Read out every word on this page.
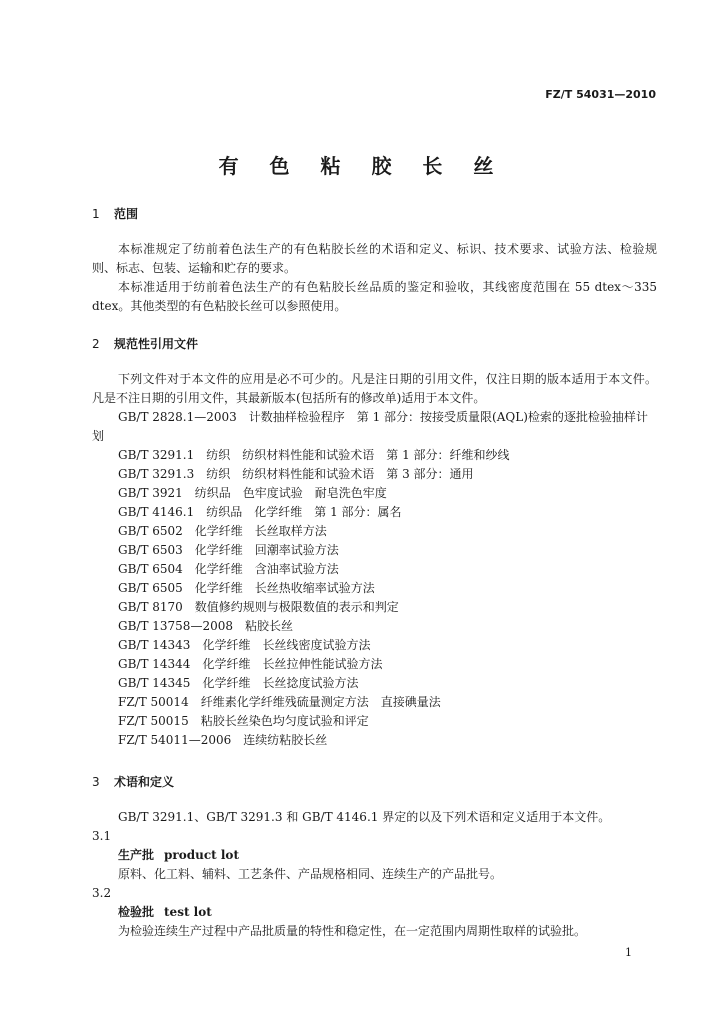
FZ/T 54031—2010
有 色 粘 胶 长 丝

1 范围

本标准规定了纺前着色法生产的有色粘胶长丝的术语和定义、标识、技术要求、试验方法、检验规则、标志、包装、运输和贮存的要求。

本标准适用于纺前着色法生产的有色粘胶长丝品质的鉴定和验收，其线密度范围在 55 dtex～335 dtex。其他类型的有色粘胶长丝可以参照使用。

2 规范性引用文件

下列文件对于本文件的应用是必不可少的。凡是注日期的引用文件，仅注日期的版本适用于本文件。凡是不注日期的引用文件，其最新版本(包括所有的修改单)适用于本文件。

GB/T 2828.1—2003　计数抽样检验程序　第 1 部分：按接受质量限(AQL)检索的逐批检验抽样计划
GB/T 3291.1　纺织　纺织材料性能和试验术语　第 1 部分：纤维和纱线
GB/T 3291.3　纺织　纺织材料性能和试验术语　第 3 部分：通用
GB/T 3921　纺织品　色牢度试验　耐皂洗色牢度
GB/T 4146.1　纺织品　化学纤维　第 1 部分：属名
GB/T 6502　化学纤维　长丝取样方法
GB/T 6503　化学纤维　回潮率试验方法
GB/T 6504　化学纤维　含油率试验方法
GB/T 6505　化学纤维　长丝热收缩率试验方法
GB/T 8170　数值修约规则与极限数值的表示和判定
GB/T 13758—2008　粘胶长丝
GB/T 14343　化学纤维　长丝线密度试验方法
GB/T 14344　化学纤维　长丝拉伸性能试验方法
GB/T 14345　化学纤维　长丝捻度试验方法
FZ/T 50014　纤维素化学纤维残硫量测定方法　直接碘量法
FZ/T 50015　粘胶长丝染色均匀度试验和评定
FZ/T 54011—2006　连续纺粘胶长丝

3 术语和定义

GB/T 3291.1、GB/T 3291.3 和 GB/T 4146.1 界定的以及下列术语和定义适用于本文件。

3.1

生产批 product lot

原料、化工料、辅料、工艺条件、产品规格相同、连续生产的产品批号。

3.2

检验批 test lot

为检验连续生产过程中产品批质量的特性和稳定性，在一定范围内周期性取样的试验批。

1
